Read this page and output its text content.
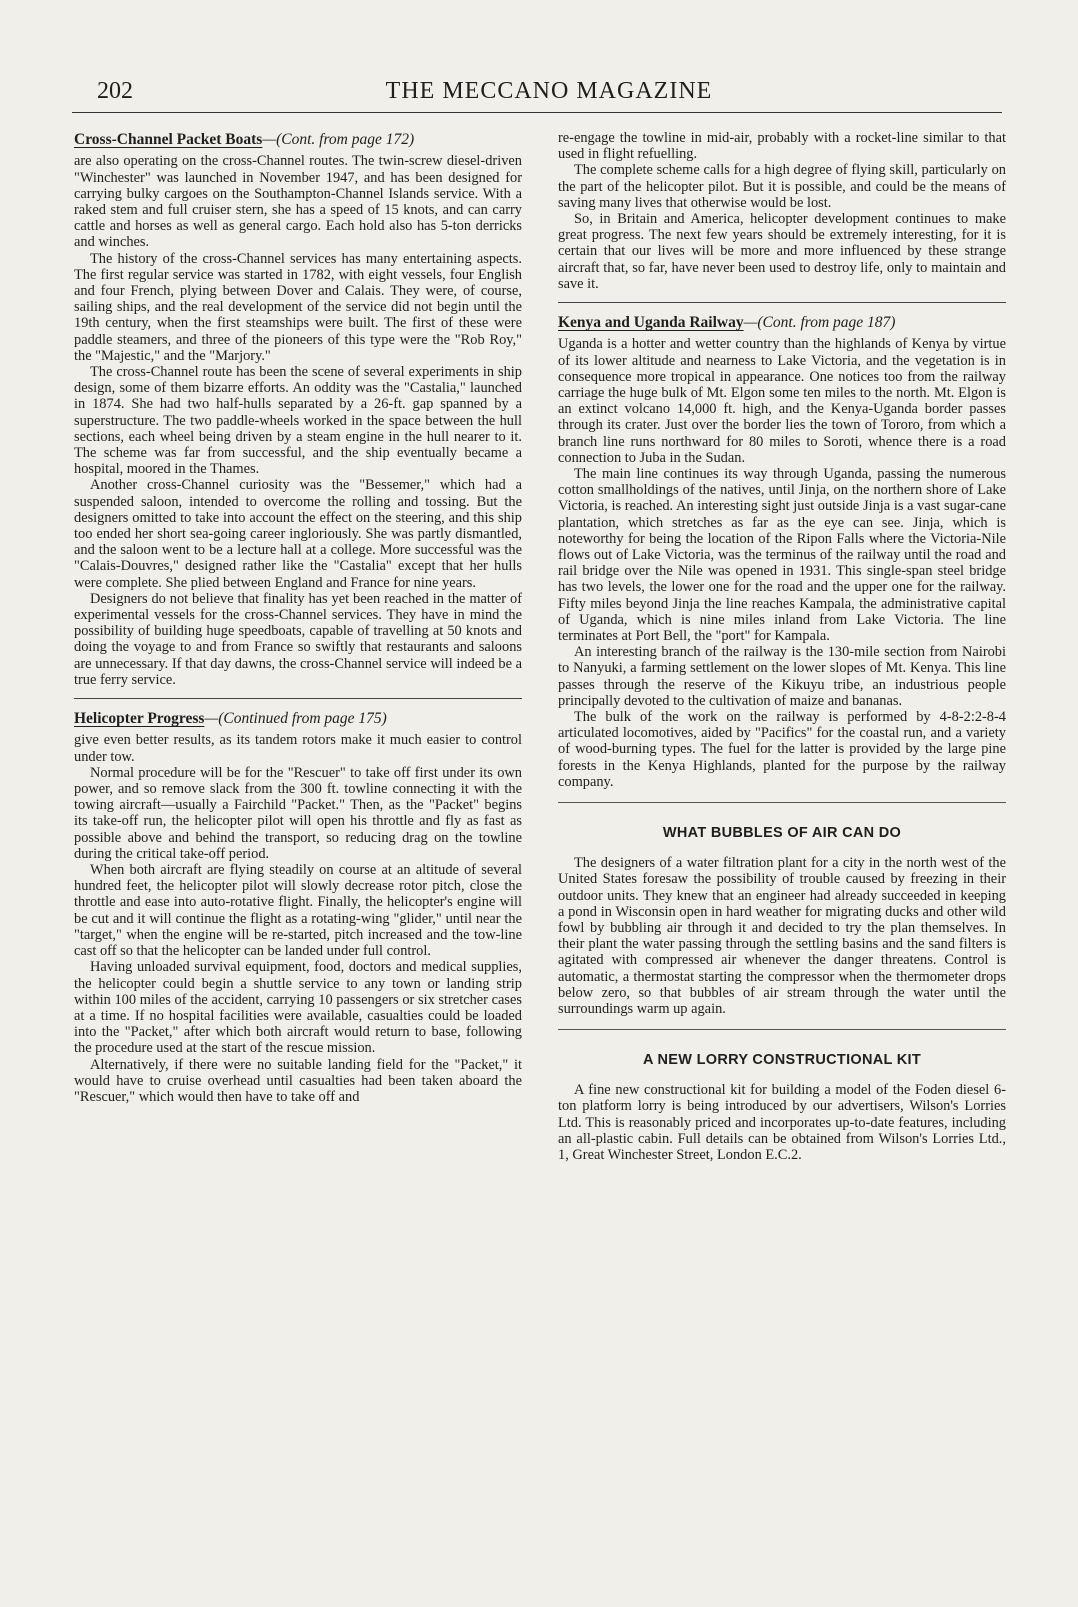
202	THE MECCANO MAGAZINE
Cross-Channel Packet Boats—(Cont. from page 172)

are also operating on the cross-Channel routes. The twin-screw diesel-driven "Winchester" was launched in November 1947, and has been designed for carrying bulky cargoes on the Southampton-Channel Islands service. With a raked stem and full cruiser stern, she has a speed of 15 knots, and can carry cattle and horses as well as general cargo. Each hold also has 5-ton derricks and winches.

The history of the cross-Channel services has many entertaining aspects. The first regular service was started in 1782, with eight vessels, four English and four French, plying between Dover and Calais. They were, of course, sailing ships, and the real development of the service did not begin until the 19th century, when the first steamships were built. The first of these were paddle steamers, and three of the pioneers of this type were the "Rob Roy," the "Majestic," and the "Marjory."

The cross-Channel route has been the scene of several experiments in ship design, some of them bizarre efforts. An oddity was the "Castalia," launched in 1874. She had two half-hulls separated by a 26-ft. gap spanned by a superstructure. The two paddle-wheels worked in the space between the hull sections, each wheel being driven by a steam engine in the hull nearer to it. The scheme was far from successful, and the ship eventually became a hospital, moored in the Thames.

Another cross-Channel curiosity was the "Bessemer," which had a suspended saloon, intended to overcome the rolling and tossing. But the designers omitted to take into account the effect on the steering, and this ship too ended her short sea-going career ingloriously. She was partly dismantled, and the saloon went to be a lecture hall at a college. More successful was the "Calais-Douvres," designed rather like the "Castalia" except that her hulls were complete. She plied between England and France for nine years.

Designers do not believe that finality has yet been reached in the matter of experimental vessels for the cross-Channel services. They have in mind the possibility of building huge speedboats, capable of travelling at 50 knots and doing the voyage to and from France so swiftly that restaurants and saloons are unnecessary. If that day dawns, the cross-Channel service will indeed be a true ferry service.

Helicopter Progress—(Continued from page 175)

give even better results, as its tandem rotors make it much easier to control under tow.

Normal procedure will be for the "Rescuer" to take off first under its own power, and so remove slack from the 300 ft. towline connecting it with the towing aircraft—usually a Fairchild "Packet." Then, as the "Packet" begins its take-off run, the helicopter pilot will open his throttle and fly as fast as possible above and behind the transport, so reducing drag on the towline during the critical take-off period.

When both aircraft are flying steadily on course at an altitude of several hundred feet, the helicopter pilot will slowly decrease rotor pitch, close the throttle and ease into auto-rotative flight. Finally, the helicopter's engine will be cut and it will continue the flight as a rotating-wing "glider," until near the "target," when the engine will be re-started, pitch increased and the tow-line cast off so that the helicopter can be landed under full control.

Having unloaded survival equipment, food, doctors and medical supplies, the helicopter could begin a shuttle service to any town or landing strip within 100 miles of the accident, carrying 10 passengers or six stretcher cases at a time. If no hospital facilities were available, casualties could be loaded into the "Packet," after which both aircraft would return to base, following the procedure used at the start of the rescue mission.

Alternatively, if there were no suitable landing field for the "Packet," it would have to cruise overhead until casualties had been taken aboard the "Rescuer," which would then have to take off and

re-engage the towline in mid-air, probably with a rocket-line similar to that used in flight refuelling.

The complete scheme calls for a high degree of flying skill, particularly on the part of the helicopter pilot. But it is possible, and could be the means of saving many lives that otherwise would be lost.

So, in Britain and America, helicopter development continues to make great progress. The next few years should be extremely interesting, for it is certain that our lives will be more and more influenced by these strange aircraft that, so far, have never been used to destroy life, only to maintain and save it.

Kenya and Uganda Railway—(Cont. from page 187)

Uganda is a hotter and wetter country than the highlands of Kenya by virtue of its lower altitude and nearness to Lake Victoria, and the vegetation is in consequence more tropical in appearance. One notices too from the railway carriage the huge bulk of Mt. Elgon some ten miles to the north. Mt. Elgon is an extinct volcano 14,000 ft. high, and the Kenya-Uganda border passes through its crater. Just over the border lies the town of Tororo, from which a branch line runs northward for 80 miles to Soroti, whence there is a road connection to Juba in the Sudan.

The main line continues its way through Uganda, passing the numerous cotton smallholdings of the natives, until Jinja, on the northern shore of Lake Victoria, is reached. An interesting sight just outside Jinja is a vast sugar-cane plantation, which stretches as far as the eye can see. Jinja, which is noteworthy for being the location of the Ripon Falls where the Victoria-Nile flows out of Lake Victoria, was the terminus of the railway until the road and rail bridge over the Nile was opened in 1931. This single-span steel bridge has two levels, the lower one for the road and the upper one for the railway. Fifty miles beyond Jinja the line reaches Kampala, the administrative capital of Uganda, which is nine miles inland from Lake Victoria. The line terminates at Port Bell, the "port" for Kampala.

An interesting branch of the railway is the 130-mile section from Nairobi to Nanyuki, a farming settlement on the lower slopes of Mt. Kenya. This line passes through the reserve of the Kikuyu tribe, an industrious people principally devoted to the cultivation of maize and bananas.

The bulk of the work on the railway is performed by 4-8-2:2-8-4 articulated locomotives, aided by "Pacifics" for the coastal run, and a variety of wood-burning types. The fuel for the latter is provided by the large pine forests in the Kenya Highlands, planted for the purpose by the railway company.

WHAT BUBBLES OF AIR CAN DO

The designers of a water filtration plant for a city in the north west of the United States foresaw the possibility of trouble caused by freezing in their outdoor units. They knew that an engineer had already succeeded in keeping a pond in Wisconsin open in hard weather for migrating ducks and other wild fowl by bubbling air through it and decided to try the plan themselves. In their plant the water passing through the settling basins and the sand filters is agitated with compressed air whenever the danger threatens. Control is automatic, a thermostat starting the compressor when the thermometer drops below zero, so that bubbles of air stream through the water until the surroundings warm up again.

A NEW LORRY CONSTRUCTIONAL KIT

A fine new constructional kit for building a model of the Foden diesel 6-ton platform lorry is being introduced by our advertisers, Wilson's Lorries Ltd. This is reasonably priced and incorporates up-to-date features, including an all-plastic cabin. Full details can be obtained from Wilson's Lorries Ltd., 1, Great Winchester Street, London E.C.2.
